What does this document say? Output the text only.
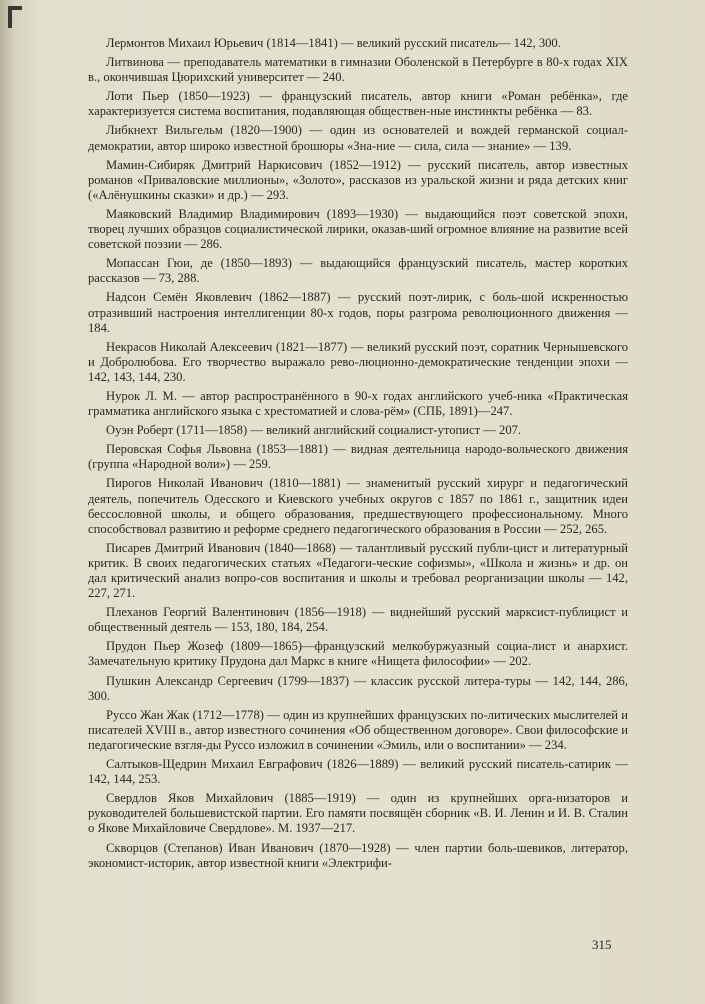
Лермонтов Михаил Юрьевич (1814—1841) — великий русский писатель— 142, 300.

Литвинова — преподаватель математики в гимназии Оболенской в Петербурге в 80-х годах XIX в., окончившая Цюрихский университет — 240.

Лоти Пьер (1850—1923) — французский писатель, автор книги «Роман ребёнка», где характеризуется система воспитания, подавляющая обществен-ные инстинкты ребёнка — 83.

Либкнехт Вильгельм (1820—1900) — один из основателей и вождей германской социал-демократии, автор широко известной брошюры «Зна-ние — сила, сила — знание» — 139.

Мамин-Сибиряк Дмитрий Наркисович (1852—1912) — русский писатель, автор известных романов «Приваловские миллионы», «Золото», рассказов из уральской жизни и ряда детских книг («Алёнушкины сказки» и др.) — 293.

Маяковский Владимир Владимирович (1893—1930) — выдающийся поэт советской эпохи, творец лучших образцов социалистической лирики, оказав-ший огромное влияние на развитие всей советской поэзии — 286.

Мопассан Гюи, де (1850—1893) — выдающийся французский писатель, мастер коротких рассказов — 73, 288.

Надсон Семён Яковлевич (1862—1887) — русский поэт-лирик, с боль-шой искренностью отразивший настроения интеллигенции 80-х годов, поры разгрома революционного движения — 184.

Некрасов Николай Алексеевич (1821—1877) — великий русский поэт, соратник Чернышевского и Добролюбова. Его творчество выражало рево-люционно-демократические тенденции эпохи — 142, 143, 144, 230.

Нурок Л. М. — автор распространённого в 90-х годах английского учеб-ника «Практическая грамматика английского языка с хрестоматией и слова-рём» (СПБ, 1891)—247.

Оуэн Роберт (1711—1858) — великий английский социалист-утопист — 207.

Перовская Софья Львовна (1853—1881) — видная деятельница народо-вольческого движения (группа «Народной воли») — 259.

Пирогов Николай Иванович (1810—1881) — знаменитый русский хирург и педагогический деятель, попечитель Одесского и Киевского учебных округов с 1857 по 1861 г., защитник идеи бессословной школы, и общего образования, предшествующего профессиональному. Много способствовал развитию и реформе среднего педагогического образования в России — 252, 265.

Писарев Дмитрий Иванович (1840—1868) — талантливый русский публи-цист и литературный критик. В своих педагогических статьях «Педагоги-ческие софизмы», «Школа и жизнь» и др. он дал критический анализ вопро-сов воспитания и школы и требовал реорганизации школы — 142, 227, 271.

Плеханов Георгий Валентинович (1856—1918) — виднейший русский марксист-публицист и общественный деятель — 153, 180, 184, 254.

Прудон Пьер Жозеф (1809—1865)—французский мелкобуржуазный социа-лист и анархист. Замечательную критику Прудона дал Маркс в книге «Нищета философии» — 202.

Пушкин Александр Сергеевич (1799—1837) — классик русской литера-туры — 142, 144, 286, 300.

Руссо Жан Жак (1712—1778) — один из крупнейших французских по-литических мыслителей и писателей XVIII в., автор известного сочинения «Об общественном договоре». Свои философские и педагогические взгля-ды Руссо изложил в сочинении «Эмиль, или о воспитании» — 234.

Салтыков-Щедрин Михаил Евграфович (1826—1889) — великий русский писатель-сатирик — 142, 144, 253.

Свердлов Яков Михайлович (1885—1919) — один из крупнейших орга-низаторов и руководителей большевистской партии. Его памяти посвящён сборник «В. И. Ленин и И. В. Сталин о Якове Михайловиче Свердлове». М. 1937—217.

Скворцов (Степанов) Иван Иванович (1870—1928) — член партии боль-шевиков, литератор, экономист-историк, автор известной книги «Электрифи-

315
